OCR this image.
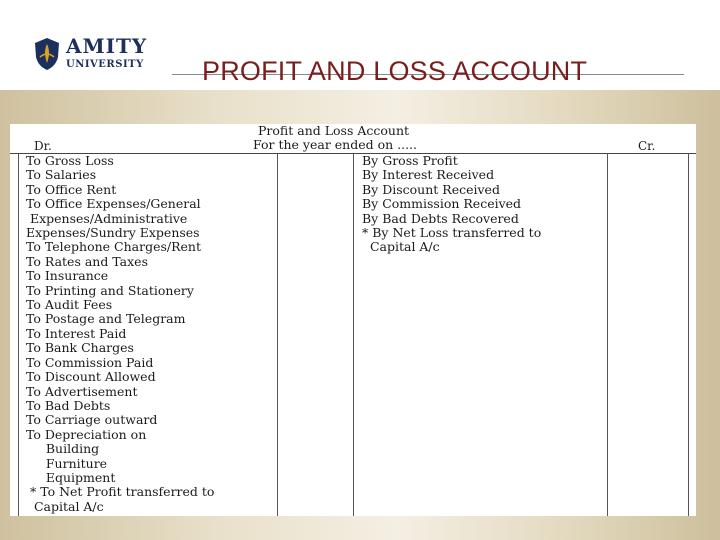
AMITY
UNIVERSITY PROFIT AND LOSS ACCOUNT
Profit and Loss Account
For the year ended on .....
Dr.	Cr.
To Gross Loss
To Salaries
To Office Rent
To Office Expenses/General
Expenses/Administrative
Expenses/Sundry Expenses
To Telephone Charges/Rent
To Rates and Taxes
To Insurance
To Printing and Stationery
To Audit Fees
To Postage and Telegram
To Interest Paid
To Bank Charges
To Commission Paid
To Discount Allowed
To Advertisement
To Bad Debts
To Carriage outward
To Depreciation on
Building
Furniture
Equipment
* To Net Profit transferred to
Capital A/c
By Gross Profit
By Interest Received
By Discount Received
By Commission Received
By Bad Debts Recovered
* By Net Loss transferred to
Capital A/c
